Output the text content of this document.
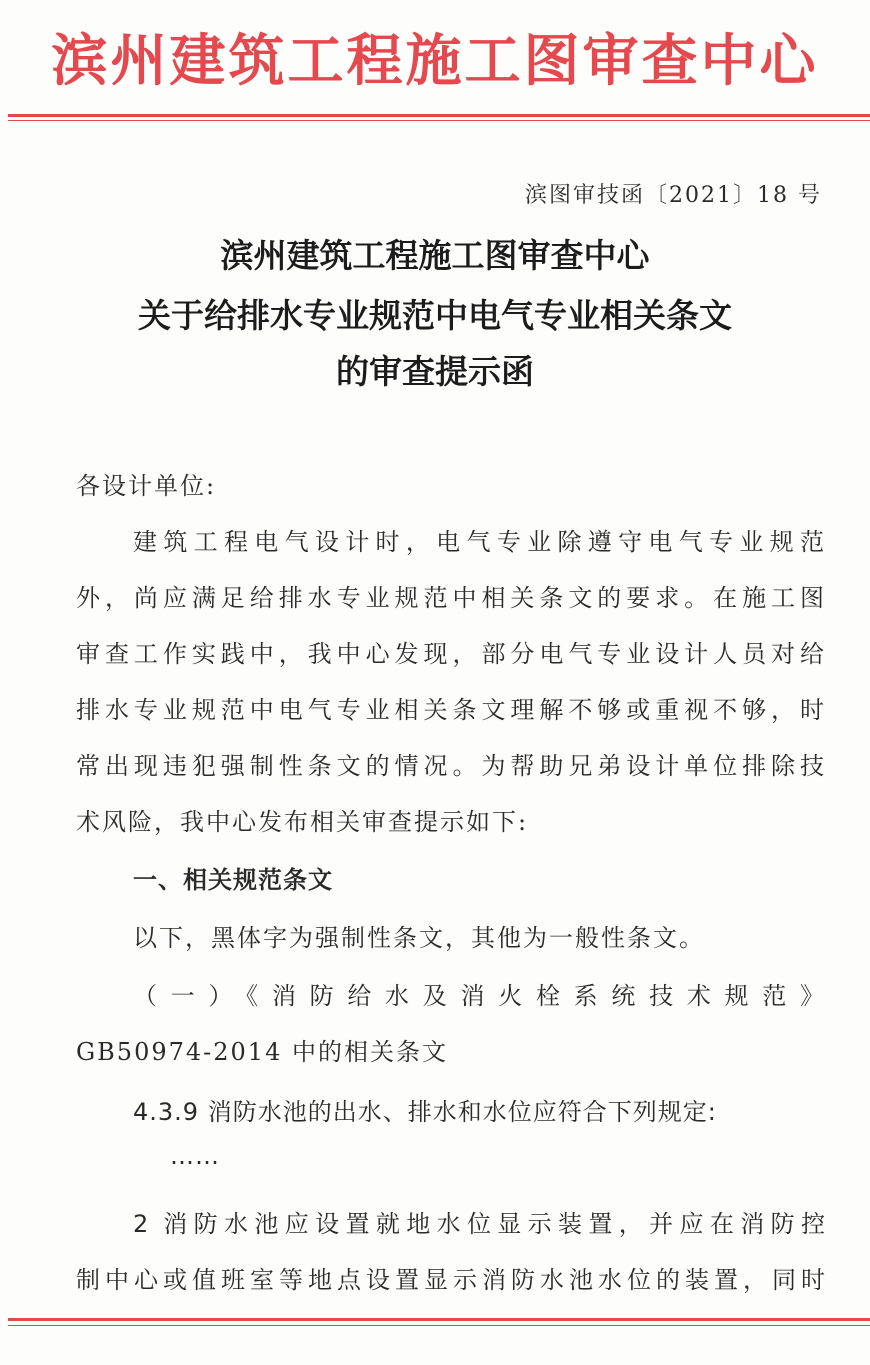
滨州建筑工程施工图审查中心
滨图审技函〔2021〕18 号
滨州建筑工程施工图审查中心
关于给排水专业规范中电气专业相关条文
的审查提示函
各设计单位:
建筑工程电气设计时，电气专业除遵守电气专业规范
外，尚应满足给排水专业规范中相关条文的要求。在施工图
审查工作实践中，我中心发现，部分电气专业设计人员对给
排水专业规范中电气专业相关条文理解不够或重视不够，时
常出现违犯强制性条文的情况。为帮助兄弟设计单位排除技
术风险，我中心发布相关审查提示如下:
一、相关规范条文
以下，黑体字为强制性条文，其他为一般性条文。
（一）《消防给水及消火栓系统技术规范》
GB50974-2014 中的相关条文
4.3.9 消防水池的出水、排水和水位应符合下列规定:
……
2 消防水池应设置就地水位显示装置，并应在消防控
制中心或值班室等地点设置显示消防水池水位的装置，同时
